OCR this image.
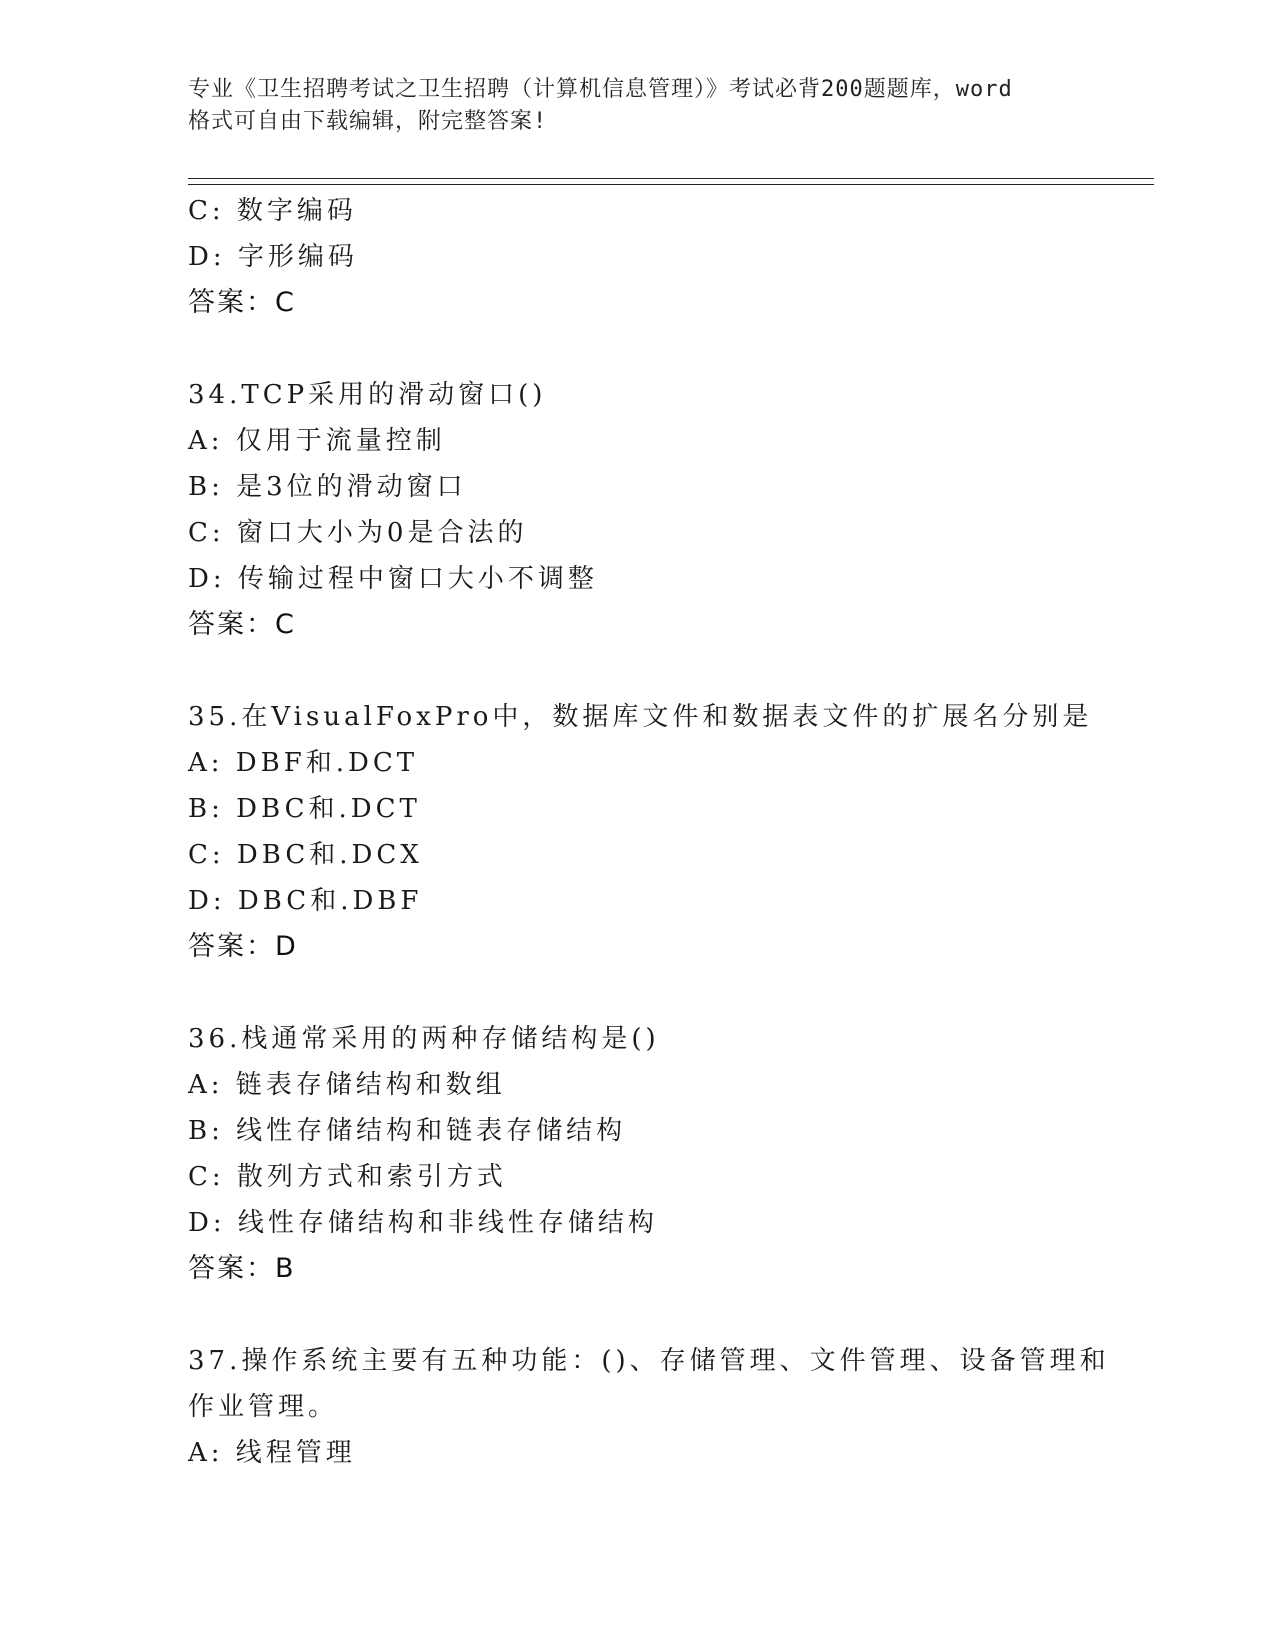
专业《卫生招聘考试之卫生招聘（计算机信息管理）》考试必背200题题库，word
格式可自由下载编辑，附完整答案!
C: 数字编码
D: 字形编码
答案：C
34.TCP采用的滑动窗口()
A: 仅用于流量控制
B: 是3位的滑动窗口
C: 窗口大小为0是合法的
D: 传输过程中窗口大小不调整
答案：C
35.在VisualFoxPro中，数据库文件和数据表文件的扩展名分别是
A: DBF和.DCT
B: DBC和.DCT
C: DBC和.DCX
D: DBC和.DBF
答案：D
36.栈通常采用的两种存储结构是()
A: 链表存储结构和数组
B: 线性存储结构和链表存储结构
C: 散列方式和索引方式
D: 线性存储结构和非线性存储结构
答案：B
37.操作系统主要有五种功能：()、存储管理、文件管理、设备管理和
作业管理。
A: 线程管理
